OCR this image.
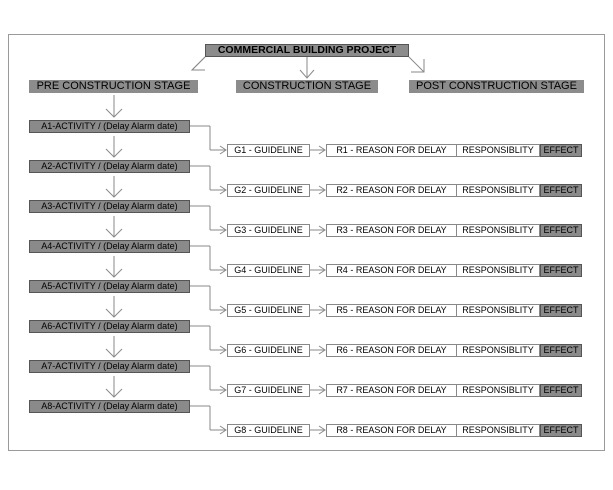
COMMERCIAL BUILDING PROJECT
PRE CONSTRUCTION STAGE	CONSTRUCTION STAGE	POST CONSTRUCTION STAGE
A1-ACTIVITY / (Delay Alarm date)
G1 - GUIDELINE	R1 - REASON FOR DELAY	RESPONSIBLITY	EFFECT
A2-ACTIVITY / (Delay Alarm date)
G2 - GUIDELINE	R2 - REASON FOR DELAY	RESPONSIBLITY	EFFECT
A3-ACTIVITY / (Delay Alarm date)
G3 - GUIDELINE	R3 - REASON FOR DELAY	RESPONSIBLITY	EFFECT
A4-ACTIVITY / (Delay Alarm date)
G4 - GUIDELINE	R4 - REASON FOR DELAY	RESPONSIBLITY	EFFECT
A5-ACTIVITY / (Delay Alarm date)
G5 - GUIDELINE	R5 - REASON FOR DELAY	RESPONSIBLITY	EFFECT
A6-ACTIVITY / (Delay Alarm date)
G6 - GUIDELINE	R6 - REASON FOR DELAY	RESPONSIBLITY	EFFECT
A7-ACTIVITY / (Delay Alarm date)
G7 - GUIDELINE	R7 - REASON FOR DELAY	RESPONSIBLITY	EFFECT
A8-ACTIVITY / (Delay Alarm date)
G8 - GUIDELINE	R8 - REASON FOR DELAY	RESPONSIBLITY	EFFECT
